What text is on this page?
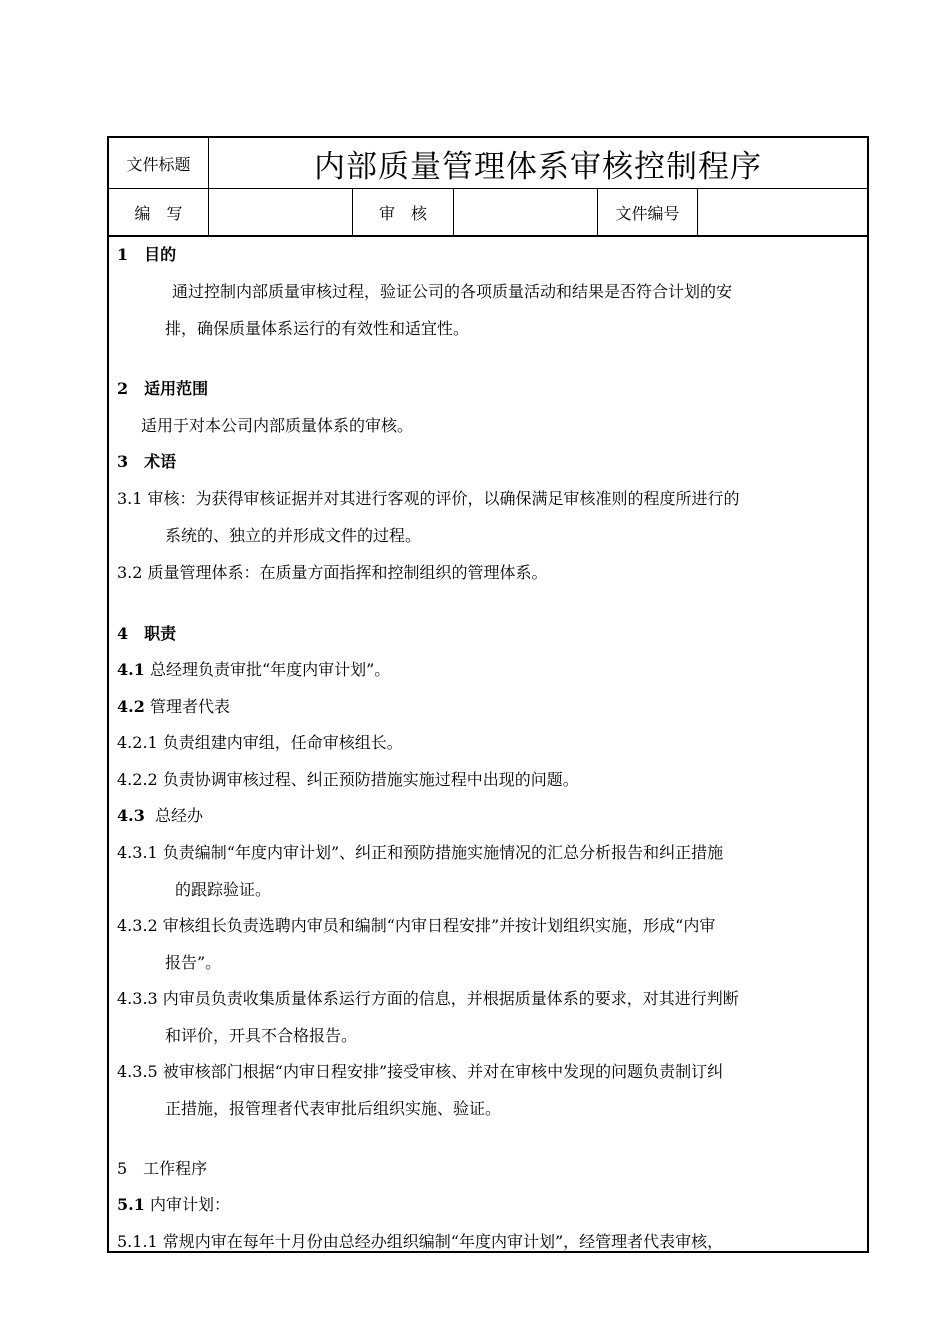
文件标题	内部质量管理体系审核控制程序
编　写	审　核	文件编号
1　目的
通过控制内部质量审核过程，验证公司的各项质量活动和结果是否符合计划的安
排，确保质量体系运行的有效性和适宜性。
2　适用范围
适用于对本公司内部质量体系的审核。
3　术语
3.1 审核：为获得审核证据并对其进行客观的评价，以确保满足审核准则的程度所进行的
系统的、独立的并形成文件的过程。
3.2 质量管理体系：在质量方面指挥和控制组织的管理体系。
4　职责
4.1 总经理负责审批“年度内审计划”。
4.2 管理者代表
4.2.1 负责组建内审组，任命审核组长。
4.2.2 负责协调审核过程、纠正预防措施实施过程中出现的问题。
4.3 总经办
4.3.1 负责编制“年度内审计划”、纠正和预防措施实施情况的汇总分析报告和纠正措施
的跟踪验证。
4.3.2 审核组长负责选聘内审员和编制“内审日程安排”并按计划组织实施，形成“内审
报告”。
4.3.3 内审员负责收集质量体系运行方面的信息，并根据质量体系的要求，对其进行判断
和评价，开具不合格报告。
4.3.5 被审核部门根据“内审日程安排”接受审核、并对在审核中发现的问题负责制订纠
正措施，报管理者代表审批后组织实施、验证。
5　工作程序
5.1 内审计划：
5.1.1 常规内审在每年十月份由总经办组织编制“年度内审计划”，经管理者代表审核，
